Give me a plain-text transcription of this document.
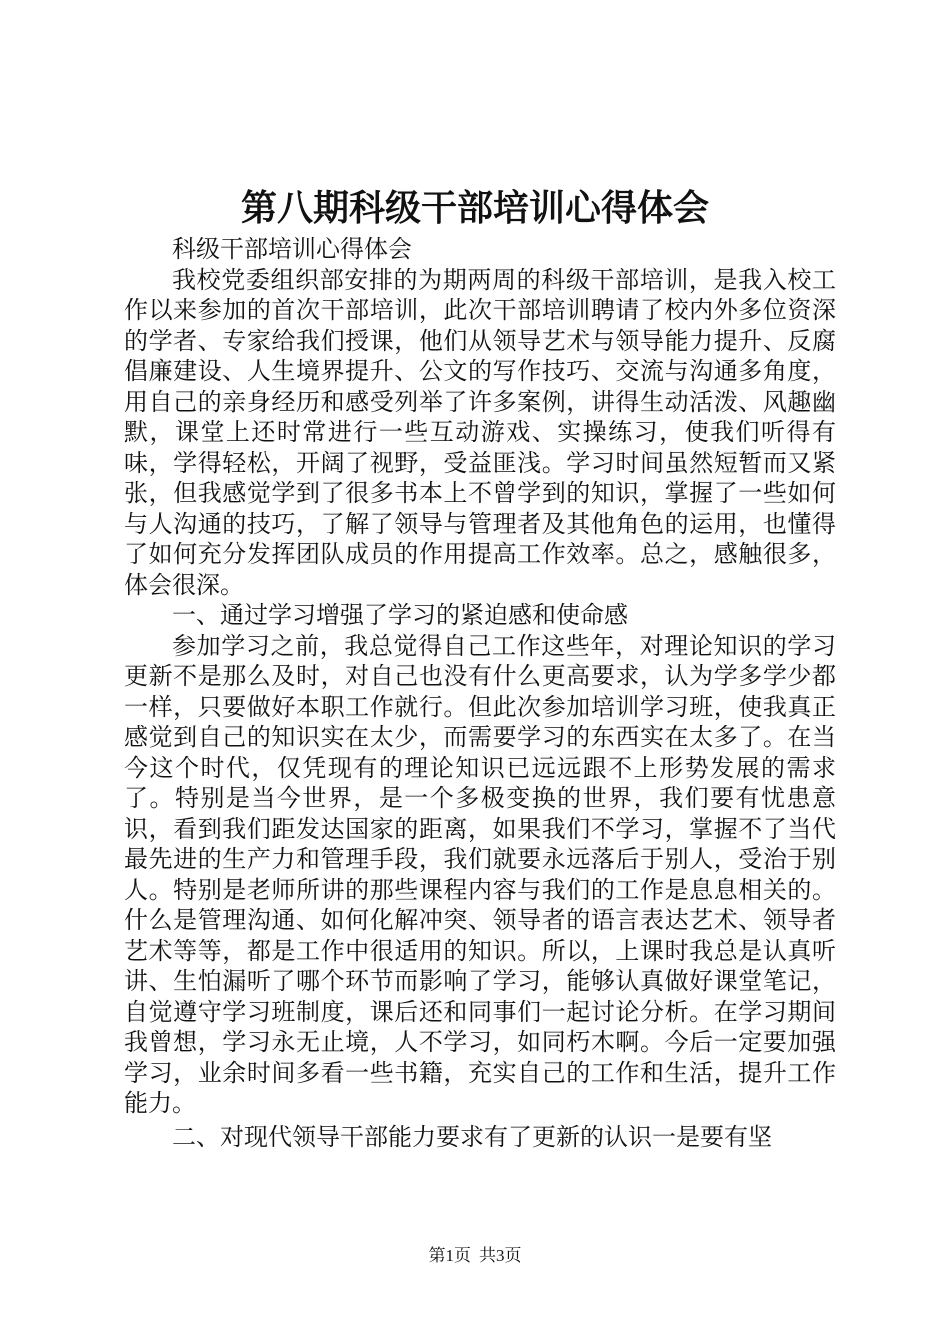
第八期科级干部培训心得体会

科级干部培训心得体会

我校党委组织部安排的为期两周的科级干部培训，是我入校工作以来参加的首次干部培训，此次干部培训聘请了校内外多位资深的学者、专家给我们授课，他们从领导艺术与领导能力提升、反腐倡廉建设、人生境界提升、公文的写作技巧、交流与沟通多角度，用自己的亲身经历和感受列举了许多案例，讲得生动活泼、风趣幽默，课堂上还时常进行一些互动游戏、实操练习，使我们听得有味，学得轻松，开阔了视野，受益匪浅。学习时间虽然短暂而又紧张，但我感觉学到了很多书本上不曾学到的知识，掌握了一些如何与人沟通的技巧，了解了领导与管理者及其他角色的运用，也懂得了如何充分发挥团队成员的作用提高工作效率。总之，感触很多，体会很深。

一、通过学习增强了学习的紧迫感和使命感

参加学习之前，我总觉得自己工作这些年，对理论知识的学习更新不是那么及时，对自己也没有什么更高要求，认为学多学少都一样，只要做好本职工作就行。但此次参加培训学习班，使我真正感觉到自己的知识实在太少，而需要学习的东西实在太多了。在当今这个时代，仅凭现有的理论知识已远远跟不上形势发展的需求了。特别是当今世界，是一个多极变换的世界，我们要有忧患意识，看到我们距发达国家的距离，如果我们不学习，掌握不了当代最先进的生产力和管理手段，我们就要永远落后于别人，受治于别人。特别是老师所讲的那些课程内容与我们的工作是息息相关的。什么是管理沟通、如何化解冲突、领导者的语言表达艺术、领导者艺术等等，都是工作中很适用的知识。所以，上课时我总是认真听讲、生怕漏听了哪个环节而影响了学习，能够认真做好课堂笔记，自觉遵守学习班制度，课后还和同事们一起讨论分析。在学习期间我曾想，学习永无止境，人不学习，如同朽木啊。今后一定要加强学习，业余时间多看一些书籍，充实自己的工作和生活，提升工作能力。

二、对现代领导干部能力要求有了更新的认识一是要有坚

第1页 共3页
